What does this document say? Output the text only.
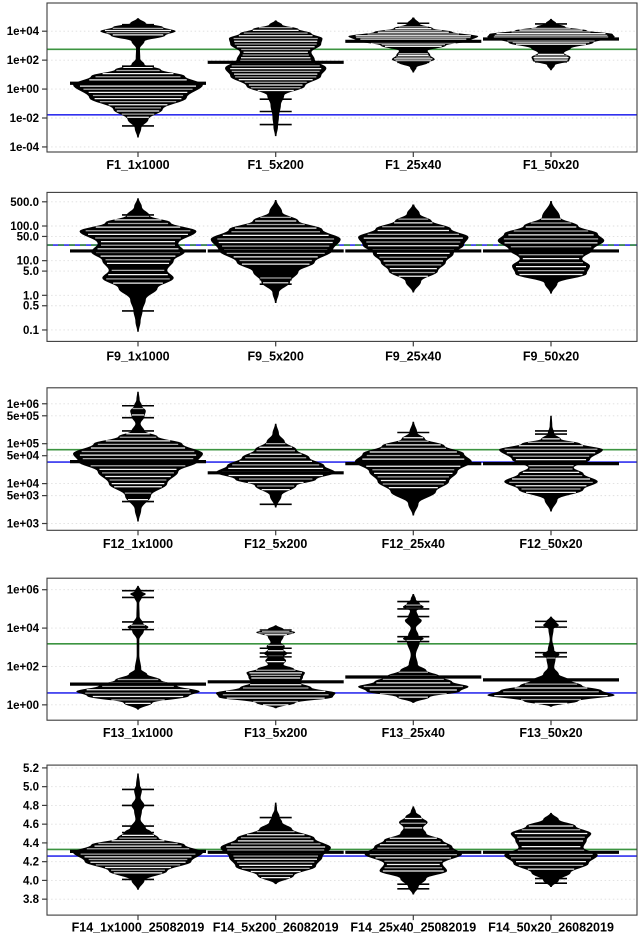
1e+04
1e+02
1e+00
1e-02
1e-04
F1_1x1000	F1_5x200	F1_25x40	F1_50x20
500.0
100.0
50.0
10.0
5.0
1.0
0.5
0.1
F9_1x1000	F9_5x200	F9_25x40	F9_50x20
1e+06
5e+05
1e+05
5e+04
1e+04
5e+03
1e+03
F12_1x1000	F12_5x200	F12_25x40	F12_50x20
1e+06
1e+04
1e+02
1e+00
F13_1x1000	F13_5x200	F13_25x40	F13_50x20
5.2
5.0
4.8
4.6
4.4
4.2
4.0
3.8
F14_1x1000_25082019 F14_5x200_26082019 F14_25x40_25082019 F14_50x20_26082019
